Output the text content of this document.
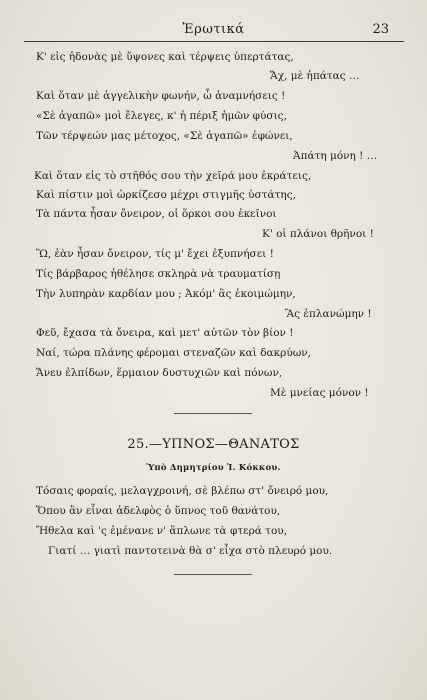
Ἐρωτικά	23
Κ' εἰς ἡδονὰς μὲ ὕψονες καὶ τέρψεις ὑπερτάτας,
Ἄχ, μὲ ἠπάτας …
Καὶ ὅταν μὲ ἀγγελικὴν φωνήν, ὦ ἀναμνήσεις !
«Σὲ ἀγαπῶ» μοὶ ἔλεγες, κ' ἡ πέριξ ἡμῶν φύσις,
Τῶν τέρψεών μας μέτοχος, «Σὲ ἀγαπῶ» ἐφώνει,
Ἀπάτη μόνη ! …
Καὶ ὅταν εἰς τὸ στῆθός σου τὴν χεῖρά μου ἐκράτεις,
Καὶ πίστιν μοὶ ὡρκίζεσο μέχρι στιγμῆς ὑστάτης,
Τὰ πάντα ἦσαν ὄνειρον, οἱ ὅρκοι σου ἐκεῖνοι
Κ' οἱ πλάνοι θρῆνοι !
Ὢ, ἐὰν ἦσαν ὄνειρον, τίς μ' ἔχει ἐξυπνήσει !
Τίς βάρβαρος ἠθέλησε σκληρὰ νὰ τραυματίσῃ
Τὴν λυπηρὰν καρδίαν μου ; Ἀκόμ' ἂς ἐκοιμώμην,
Ἂς ἐπλανώμην !
Φεῦ, ἔχασα τὰ ὄνειρα, καὶ μετ' αὐτῶν τὸν βίον !
Ναί, τώρα πλάνης φέρομαι στεναζῶν καὶ δακρύων,
Ἄνευ ἐλπίδων, ἕρμαιον δυστυχιῶν καὶ πόνων,
Μὲ μνείας μόνον !
25.—ΥΠΝΟΣ—ΘΑΝΑΤΟΣ
Ὑπὸ Δημητρίου Ἰ. Κόκκου.
Τόσαις φοραίς, μελαγχροινή, σὲ βλέπω στ' ὄνειρό μου,
Ὅπου ἂν εἶναι ἀδελφὸς ὁ ὕπνος τοῦ θανάτου,
Ἤθελα καὶ 'ς ἐμένανε ν' ἅπλωνε τὰ φτερά του,
Γιατί … γιατὶ παντοτεινὰ θὰ σ' εἶχα στὸ πλευρό μου.
